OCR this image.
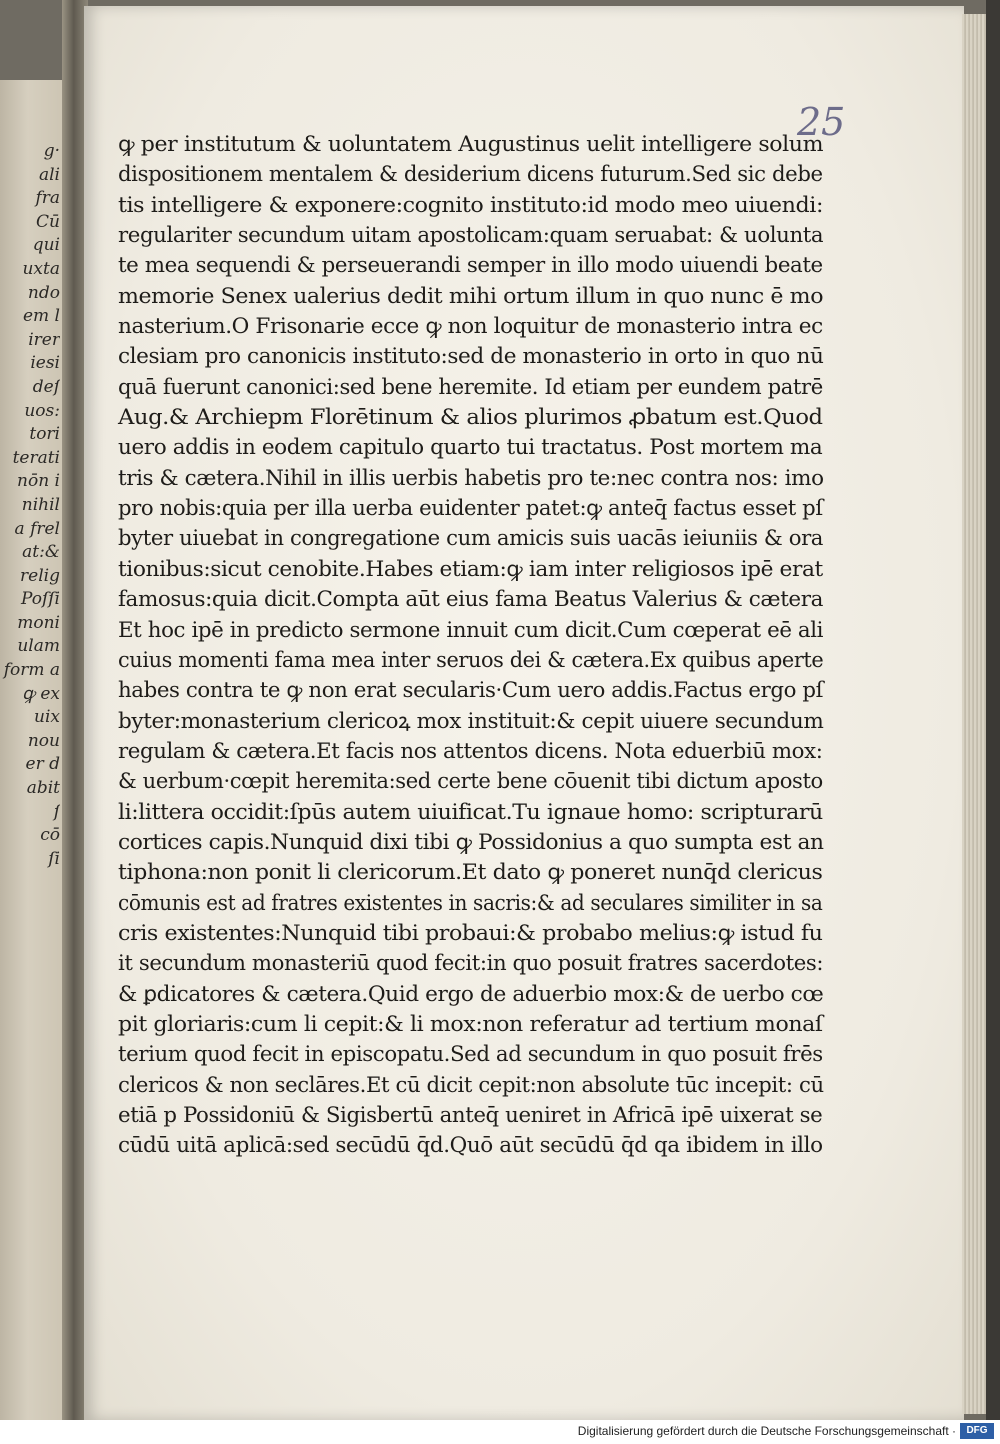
g·
ali
fra
Cū
qui
uxta
ndo
em l
irer
iesi
deſ
uos:
tori
terati
nōn i
nihil
a frel
at:&
relig
Poſſi
moni
ulam
form a
ꝙ ex
uix
nou
er d
abit
ſ
cō
ſi
25
ꝙ per institutum & uoluntatem Augustinus uelit intelligere solum
dispositionem mentalem & desiderium dicens futurum.Sed sic debe
tis intelligere & exponere:cognito instituto:id modo meo uiuendi:
regulariter secundum uitam apostolicam:quam seruabat: & uolunta
te mea sequendi & perseuerandi semper in illo modo uiuendi beate
memorie Senex ualerius dedit mihi ortum illum in quo nunc ē mo
nasterium.O Frisonarie ecce ꝙ non loquitur de monasterio intra ec
clesiam pro canonicis instituto:sed de monasterio in orto in quo nū
quā fuerunt canonici:sed bene heremite. Id etiam per eundem patrē
Aug.& Archiepm Florētinum & alios plurimos ꝓbatum est.Quod
uero addis in eodem capitulo quarto tui tractatus. Post mortem ma
tris & cætera.Nihil in illis uerbis habetis pro te:nec contra nos: imo
pro nobis:quia per illa uerba euidenter patet:ꝙ anteq̄ factus esset pſ
byter uiuebat in congregatione cum amicis suis uacās ieiuniis & ora
tionibus:sicut cenobite.Habes etiam:ꝙ iam inter religiosos ipē erat
famosus:quia dicit.Compta aūt eius fama Beatus Valerius & cætera
Et hoc ipē in predicto sermone innuit cum dicit.Cum cœperat eē ali
cuius momenti fama mea inter seruos dei & cætera.Ex quibus aperte
habes contra te ꝙ non erat secularis·Cum uero addis.Factus ergo pſ
byter:monasterium clericoꝝ mox instituit:& cepit uiuere secundum
regulam & cætera.Et facis nos attentos dicens. Nota eduerbiū mox:
& uerbum·cœpit heremita:sed certe bene cōuenit tibi dictum aposto
li:littera occidit:ſpūs autem uiuificat.Tu ignaue homo: scripturarū
cortices capis.Nunquid dixi tibi ꝙ Possidonius a quo sumpta est an
tiphona:non ponit li clericorum.Et dato ꝙ poneret nunq̄d clericus
cōmunis est ad fratres existentes in sacris:& ad seculares similiter in sa
cris existentes:Nunquid tibi probaui:& probabo melius:ꝙ istud fu
it secundum monasteriū quod fecit:in quo posuit fratres sacerdotes:
& ꝑdicatores & cætera.Quid ergo de aduerbio mox:& de uerbo cœ
pit gloriaris:cum li cepit:& li mox:non referatur ad tertium monaſ
terium quod fecit in episcopatu.Sed ad secundum in quo posuit frēs
clericos & non seclāres.Et cū dicit cepit:non absolute tūc incepit: cū
etiā p Possidoniū & Sigisbertū anteq̄ ueniret in Africā ipē uixerat se
cūdū uitā aplicā:sed secūdū q̄d.Quō aūt secūdū q̄d qa ibidem in illo
Digitalisierung gefördert durch die Deutsche Forschungsgemeinschaft ·	DFG
